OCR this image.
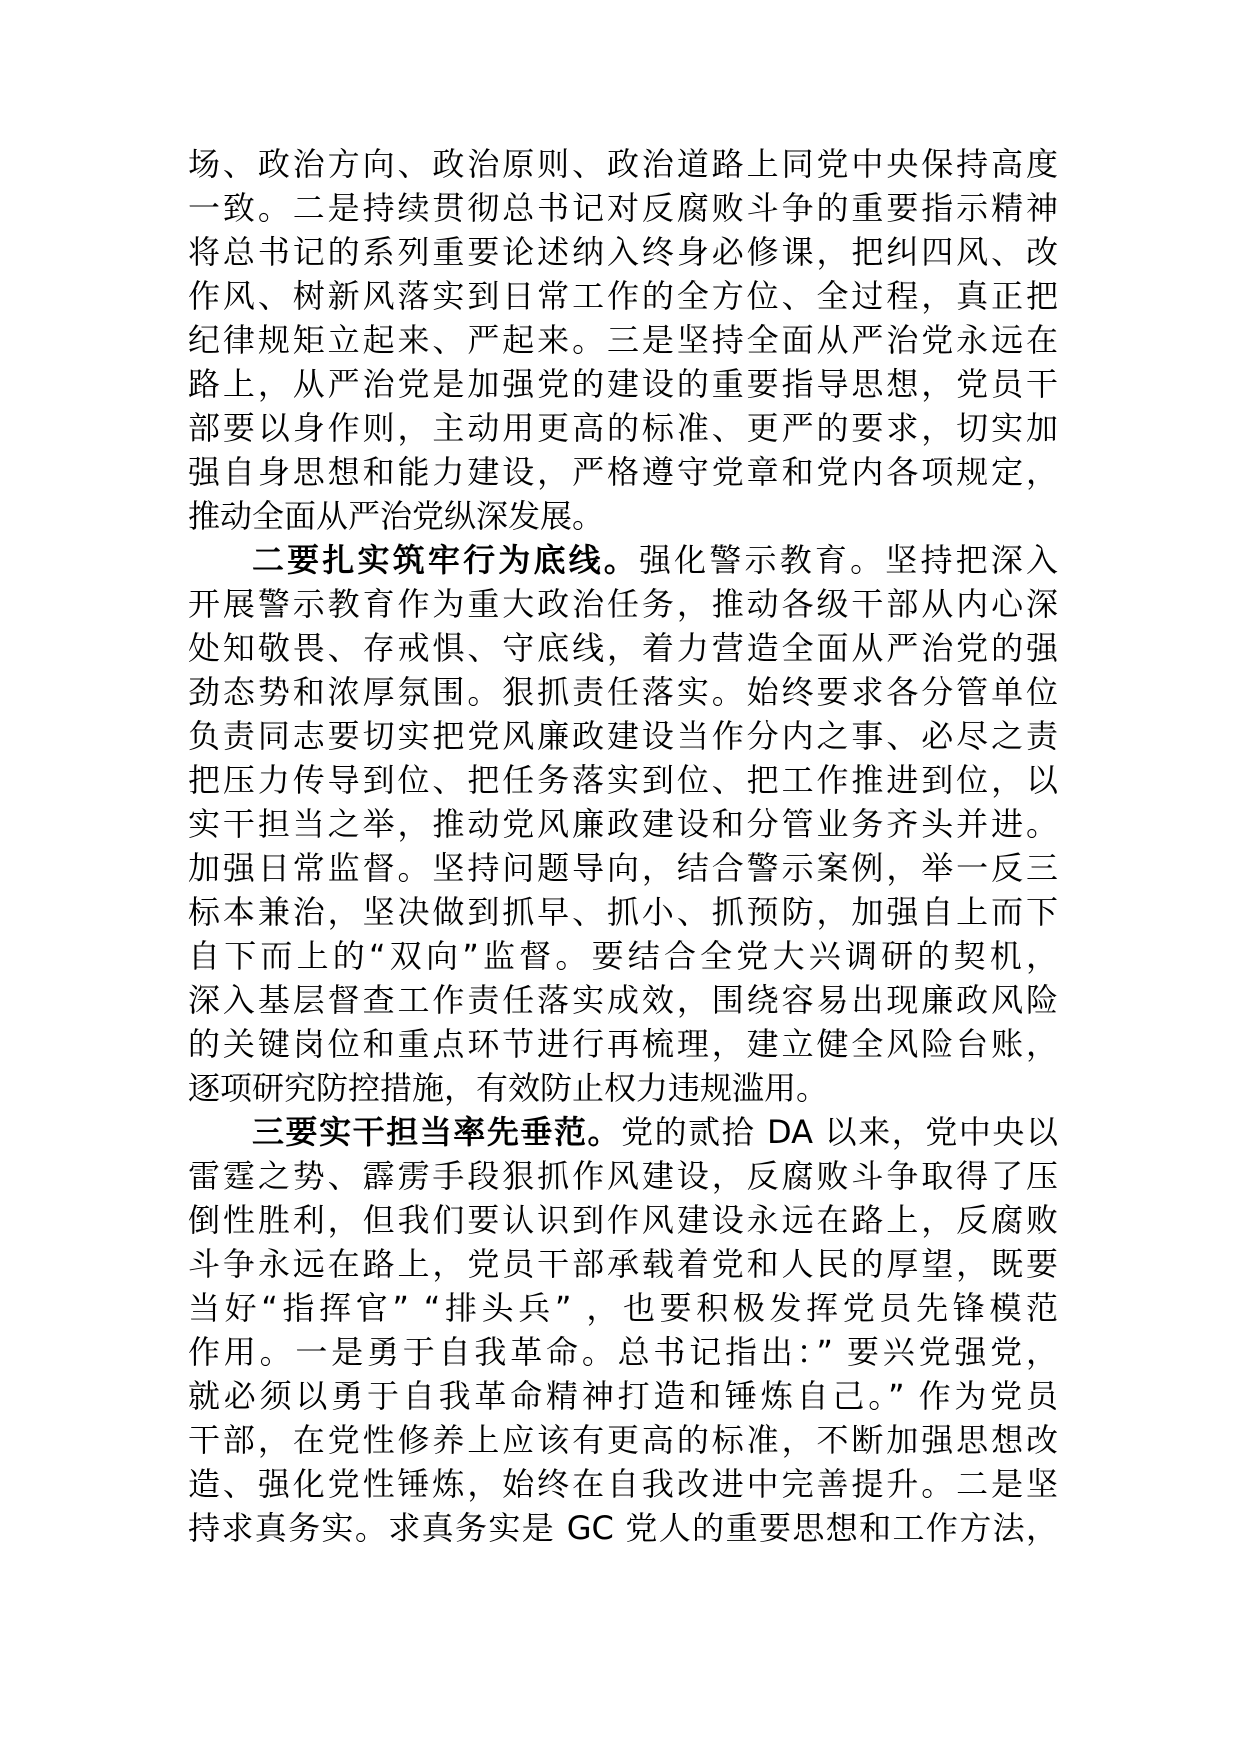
场、政治方向、政治原则、政治道路上同党中央保持高度
一致。二是持续贯彻总书记对反腐败斗争的重要指示精神
将总书记的系列重要论述纳入终身必修课，把纠四风、改
作风、树新风落实到日常工作的全方位、全过程，真正把
纪律规矩立起来、严起来。三是坚持全面从严治党永远在
路上，从严治党是加强党的建设的重要指导思想，党员干
部要以身作则，主动用更高的标准、更严的要求，切实加
强自身思想和能力建设，严格遵守党章和党内各项规定，
推动全面从严治党纵深发展。
二要扎实筑牢行为底线。强化警示教育。坚持把深入
开展警示教育作为重大政治任务，推动各级干部从内心深
处知敬畏、存戒惧、守底线，着力营造全面从严治党的强
劲态势和浓厚氛围。狠抓责任落实。始终要求各分管单位
负责同志要切实把党风廉政建设当作分内之事、必尽之责
把压力传导到位、把任务落实到位、把工作推进到位，以
实干担当之举，推动党风廉政建设和分管业务齐头并进。
加强日常监督。坚持问题导向，结合警示案例，举一反三
标本兼治，坚决做到抓早、抓小、抓预防，加强自上而下
自下而上的“双向”监督。要结合全党大兴调研的契机，
深入基层督查工作责任落实成效，围绕容易出现廉政风险
的关键岗位和重点环节进行再梳理，建立健全风险台账，
逐项研究防控措施，有效防止权力违规滥用。
三要实干担当率先垂范。党的贰拾 DA 以来，党中央以
雷霆之势、霹雳手段狠抓作风建设，反腐败斗争取得了压
倒性胜利，但我们要认识到作风建设永远在路上，反腐败
斗争永远在路上，党员干部承载着党和人民的厚望，既要
当好“指挥官” “排头兵” ，也要积极发挥党员先锋模范
作用。一是勇于自我革命。总书记指出：” 要兴党强党，
就必须以勇于自我革命精神打造和锤炼自己。” 作为党员
干部，在党性修养上应该有更高的标准，不断加强思想改
造、强化党性锤炼，始终在自我改进中完善提升。二是坚
持求真务实。求真务实是 GC 党人的重要思想和工作方法，
